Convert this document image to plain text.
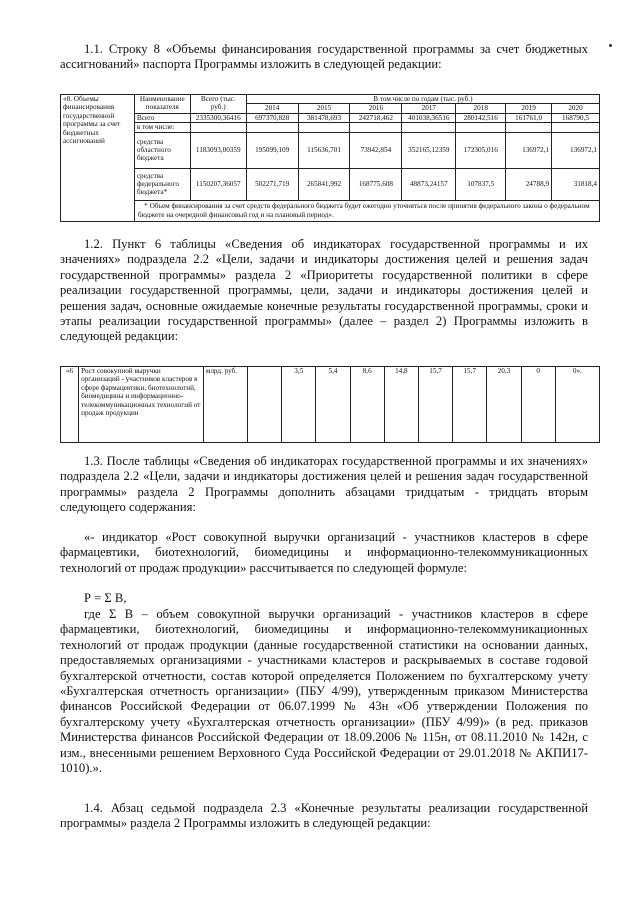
1.1. Строку 8 «Объемы финансирования государственной программы за счет бюджетных ассигнований» паспорта Программы изложить в следующей редакции:
«8. Объемы финансирования государственной программы за счет бюджетных ассигнований	Наименование показателя	Всего (тыс. руб.)	В том числе по годам (тыс. руб.)						
			2014	2015	2016	2017	2018	2019	2020
	Всего	2335300,36416	697370,828	381478,693	242718,462	401038,36516	280142,516	161761,0	168790,5
	в том числе:								
	средства областного бюджета	1183093,00359	195099,109	115636,701	73942,854	352165,12359	172305,016	136972,1	136972,1
	средства федерального бюджета*	1150207,36057	502271,719	265841,992	168775,608	48873,24157	107837,5	24788,9	31818,4
	* Объем финансирования за счет средств федерального бюджета будет ежегодно уточняться после принятия федерального закона о федеральном бюджете на очередной финансовый год и на плановый период».								
1.2. Пункт 6 таблицы «Сведения об индикаторах государственной программы и их значениях» подраздела 2.2 «Цели, задачи и индикаторы достижения целей и решения задач государственной программы» раздела 2 «Приоритеты государственной политики в сфере реализации государственной программы, цели, задачи и индикаторы достижения целей и решения задач, основные ожидаемые конечные результаты государственной программы, сроки и этапы реализации государственной программы» (далее – раздел 2) Программы изложить в следующей редакции:
«6	Рост совокупной выручки организаций - участников кластеров в сфере фармацевтики, биотехнологий, биомедицины и информационно-телекоммуникационных технологий от продаж продукции	млрд. руб.		3,5	5,4	8,6	14,8	15,7	15,7	20,3	0	0».
1.3. После таблицы «Сведения об индикаторах государственной программы и их значениях» подраздела 2.2 «Цели, задачи и индикаторы достижения целей и решения задач государственной программы» раздела 2 Программы дополнить абзацами тридцатым - тридцать вторым следующего содержания:
«- индикатор «Рост совокупной выручки организаций - участников кластеров в сфере фармацевтики, биотехнологий, биомедицины и информационно-телекоммуникационных технологий от продаж продукции» рассчитывается по следующей формуле:
Р = Σ В,
где Σ В – объем совокупной выручки организаций - участников кластеров в сфере фармацевтики, биотехнологий, биомедицины и информационно-телекоммуникационных технологий от продаж продукции (данные государственной статистики на основании данных, предоставляемых организациями - участниками кластеров и раскрываемых в составе годовой бухгалтерской отчетности, состав которой определяется Положением по бухгалтерскому учету «Бухгалтерская отчетность организации» (ПБУ 4/99), утвержденным приказом Министерства финансов Российской Федерации от 06.07.1999 № 43н «Об утверждении Положения по бухгалтерскому учету «Бухгалтерская отчетность организации» (ПБУ 4/99)» (в ред. приказов Министерства финансов Российской Федерации от 18.09.2006 № 115н, от 08.11.2010 № 142н, с изм., внесенными решением Верховного Суда Российской Федерации от 29.01.2018 № АКПИ17-1010).».
1.4. Абзац седьмой подраздела 2.3 «Конечные результаты реализации государственной программы» раздела 2 Программы изложить в следующей редакции:
